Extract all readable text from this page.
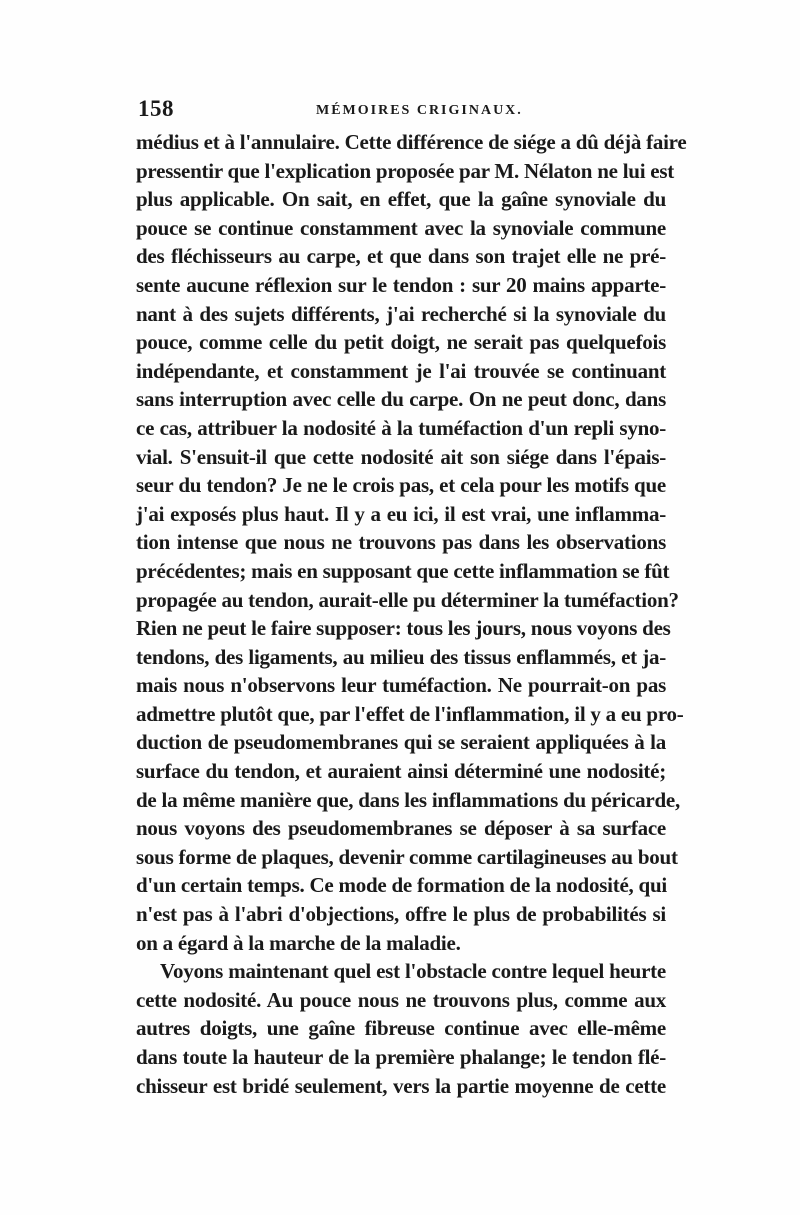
158	MÉMOIRES CRIGINAUX.
médius et à l'annulaire. Cette différence de siége a dû déjà faire
pressentir que l'explication proposée par M. Nélaton ne lui est
plus applicable. On sait, en effet, que la gaîne synoviale du
pouce se continue constamment avec la synoviale commune
des fléchisseurs au carpe, et que dans son trajet elle ne pré-
sente aucune réflexion sur le tendon : sur 20 mains apparte-
nant à des sujets différents, j'ai recherché si la synoviale du
pouce, comme celle du petit doigt, ne serait pas quelquefois
indépendante, et constamment je l'ai trouvée se continuant
sans interruption avec celle du carpe. On ne peut donc, dans
ce cas, attribuer la nodosité à la tuméfaction d'un repli syno-
vial. S'ensuit-il que cette nodosité ait son siége dans l'épais-
seur du tendon? Je ne le crois pas, et cela pour les motifs que
j'ai exposés plus haut. Il y a eu ici, il est vrai, une inflamma-
tion intense que nous ne trouvons pas dans les observations
précédentes; mais en supposant que cette inflammation se fût
propagée au tendon, aurait-elle pu déterminer la tuméfaction?
Rien ne peut le faire supposer: tous les jours, nous voyons des
tendons, des ligaments, au milieu des tissus enflammés, et ja-
mais nous n'observons leur tuméfaction. Ne pourrait-on pas
admettre plutôt que, par l'effet de l'inflammation, il y a eu pro-
duction de pseudomembranes qui se seraient appliquées à la
surface du tendon, et auraient ainsi déterminé une nodosité;
de la même manière que, dans les inflammations du péricarde,
nous voyons des pseudomembranes se déposer à sa surface
sous forme de plaques, devenir comme cartilagineuses au bout
d'un certain temps. Ce mode de formation de la nodosité, qui
n'est pas à l'abri d'objections, offre le plus de probabilités si
on a égard à la marche de la maladie.
Voyons maintenant quel est l'obstacle contre lequel heurte
cette nodosité. Au pouce nous ne trouvons plus, comme aux
autres doigts, une gaîne fibreuse continue avec elle-même
dans toute la hauteur de la première phalange; le tendon flé-
chisseur est bridé seulement, vers la partie moyenne de cette
